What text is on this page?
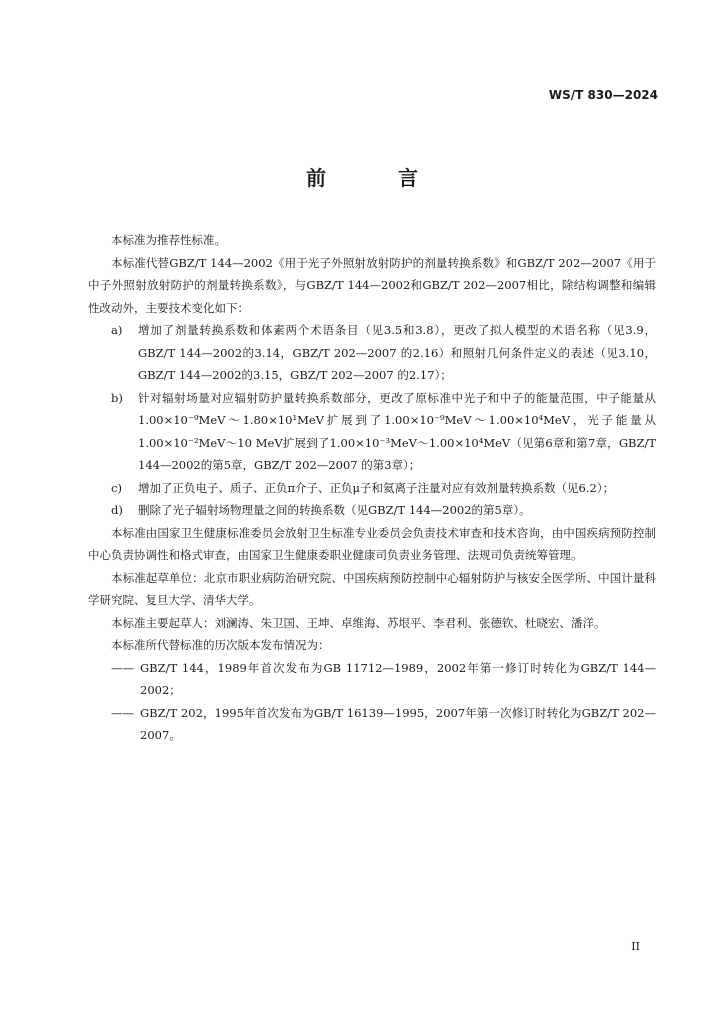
WS/T 830—2024
前　言

本标准为推荐性标准。

本标准代替GBZ/T 144—2002《用于光子外照射放射防护的剂量转换系数》和GBZ/T 202—2007《用于中子外照射放射防护的剂量转换系数》，与GBZ/T 144—2002和GBZ/T 202—2007相比，除结构调整和编辑性改动外，主要技术变化如下：

a)	增加了剂量转换系数和体素两个术语条目（见3.5和3.8），更改了拟人模型的术语名称（见3.9，GBZ/T 144—2002的3.14，GBZ/T 202—2007 的2.16）和照射几何条件定义的表述（见3.10，GBZ/T 144—2002的3.15，GBZ/T 202—2007 的2.17）；
b)	针对辐射场量对应辐射防护量转换系数部分，更改了原标准中光子和中子的能量范围，中子能量从1.00×10⁻⁹MeV～1.80×10¹MeV扩展到了1.00×10⁻⁹MeV～1.00×10⁴MeV，光子能量从1.00×10⁻²MeV～10 MeV扩展到了1.00×10⁻³MeV～1.00×10⁴MeV（见第6章和第7章，GBZ/T 144—2002的第5章，GBZ/T 202—2007 的第3章）；
c)	增加了正负电子、质子、正负π介子、正负μ子和氦离子注量对应有效剂量转换系数（见6.2）；
d)	删除了光子辐射场物理量之间的转换系数（见GBZ/T 144—2002的第5章）。

本标准由国家卫生健康标准委员会放射卫生标准专业委员会负责技术审查和技术咨询，由中国疾病预防控制中心负责协调性和格式审查，由国家卫生健康委职业健康司负责业务管理、法规司负责统筹管理。

本标准起草单位：北京市职业病防治研究院、中国疾病预防控制中心辐射防护与核安全医学所、中国计量科学研究院、复旦大学、清华大学。

本标准主要起草人：刘澜涛、朱卫国、王坤、卓维海、苏垠平、李君利、张德钦、杜晓宏、潘洋。

本标准所代替标准的历次版本发布情况为：

—— GBZ/T 144，1989年首次发布为GB 11712—1989，2002年第一修订时转化为GBZ/T 144—2002；
—— GBZ/T 202，1995年首次发布为GB/T 16139—1995，2007年第一次修订时转化为GBZ/T 202—2007。
II
